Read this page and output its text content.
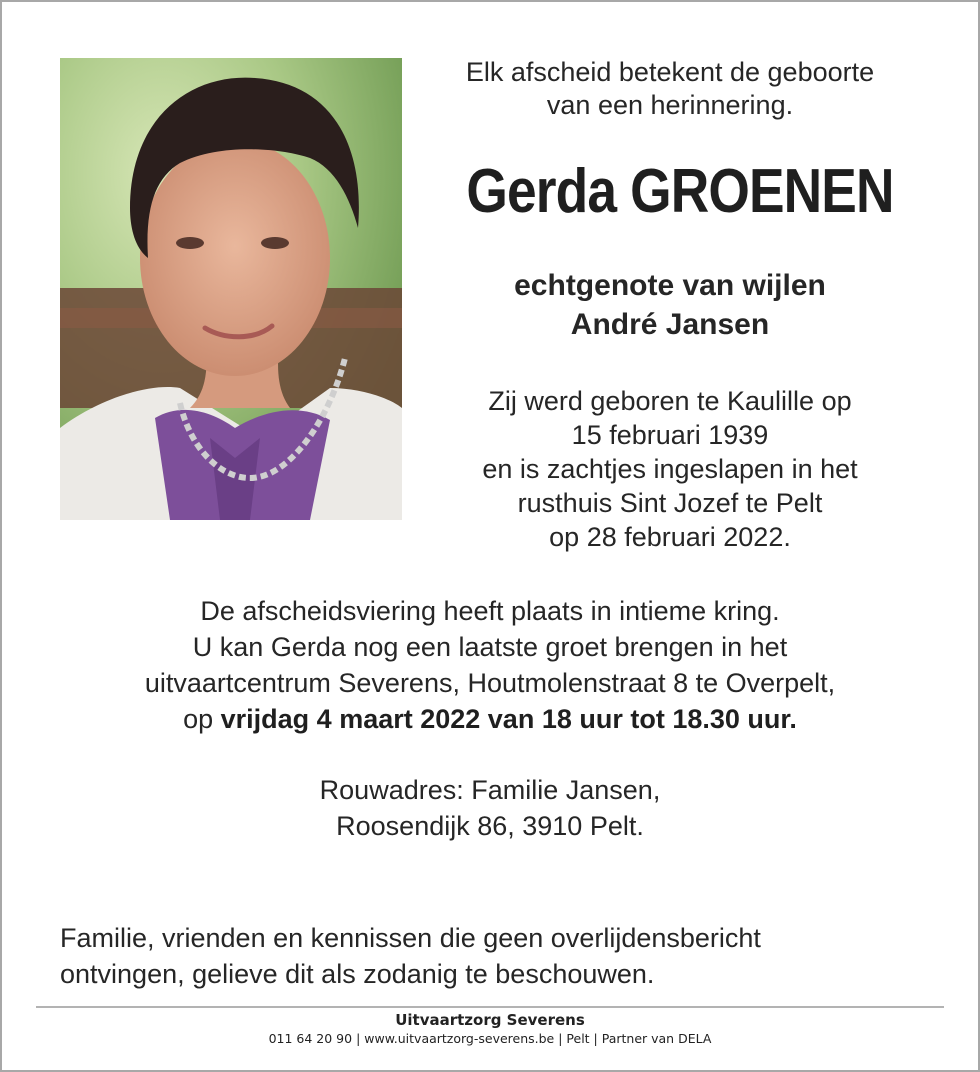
Elk afscheid betekent de geboorte
van een herinnering.
Gerda GROENEN
echtgenote van wijlen
André Jansen
Zij werd geboren te Kaulille op
15 februari 1939
en is zachtjes ingeslapen in het
rusthuis Sint Jozef te Pelt
op 28 februari 2022.
De afscheidsviering heeft plaats in intieme kring.
U kan Gerda nog een laatste groet brengen in het
uitvaartcentrum Severens, Houtmolenstraat 8 te Overpelt,
op vrijdag 4 maart 2022 van 18 uur tot 18.30 uur.
Rouwadres: Familie Jansen,
Roosendijk 86, 3910 Pelt.
Familie, vrienden en kennissen die geen overlijdensbericht
ontvingen, gelieve dit als zodanig te beschouwen.
Uitvaartzorg Severens
011 64 20 90 | www.uitvaartzorg-severens.be | Pelt | Partner van DELA
